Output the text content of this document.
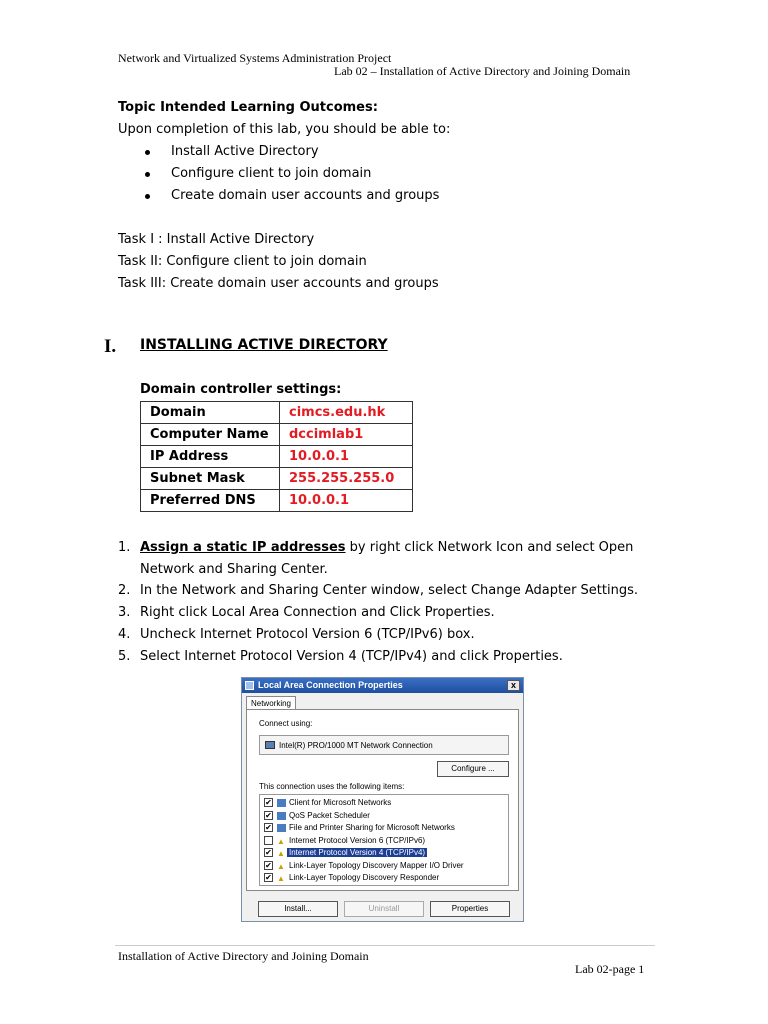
Network and Virtualized Systems Administration Project
Lab 02 – Installation of Active Directory and Joining Domain
Topic Intended Learning Outcomes:
Upon completion of this lab, you should be able to:
Install Active Directory
Configure client to join domain
Create domain user accounts and groups
Task I : Install Active Directory
Task II: Configure client to join domain
Task III: Create domain user accounts and groups
I. INSTALLING ACTIVE DIRECTORY
Domain controller settings:
Domain	cimcs.edu.hk
Computer Name	dccimlab1
IP Address	10.0.0.1
Subnet Mask	255.255.255.0
Preferred DNS	10.0.0.1
1. Assign a static IP addresses by right click Network Icon and select Open Network and Sharing Center.
2. In the Network and Sharing Center window, select Change Adapter Settings.
3. Right click Local Area Connection and Click Properties.
4. Uncheck Internet Protocol Version 6 (TCP/IPv6) box.
5. Select Internet Protocol Version 4 (TCP/IPv4) and click Properties.
Local Area Connection Properties	x
Networking
Connect using:
Intel(R) PRO/1000 MT Network Connection
Configure ...
This connection uses the following items:
✔ Client for Microsoft Networks
✔ QoS Packet Scheduler
✔ File and Printer Sharing for Microsoft Networks
▲ Internet Protocol Version 6 (TCP/IPv6)
✔ ▲ Internet Protocol Version 4 (TCP/IPv4)
✔ ▲ Link-Layer Topology Discovery Mapper I/O Driver
✔ ▲ Link-Layer Topology Discovery Responder
Install...	Uninstall	Properties
Installation of Active Directory and Joining Domain
Lab 02-page 1
